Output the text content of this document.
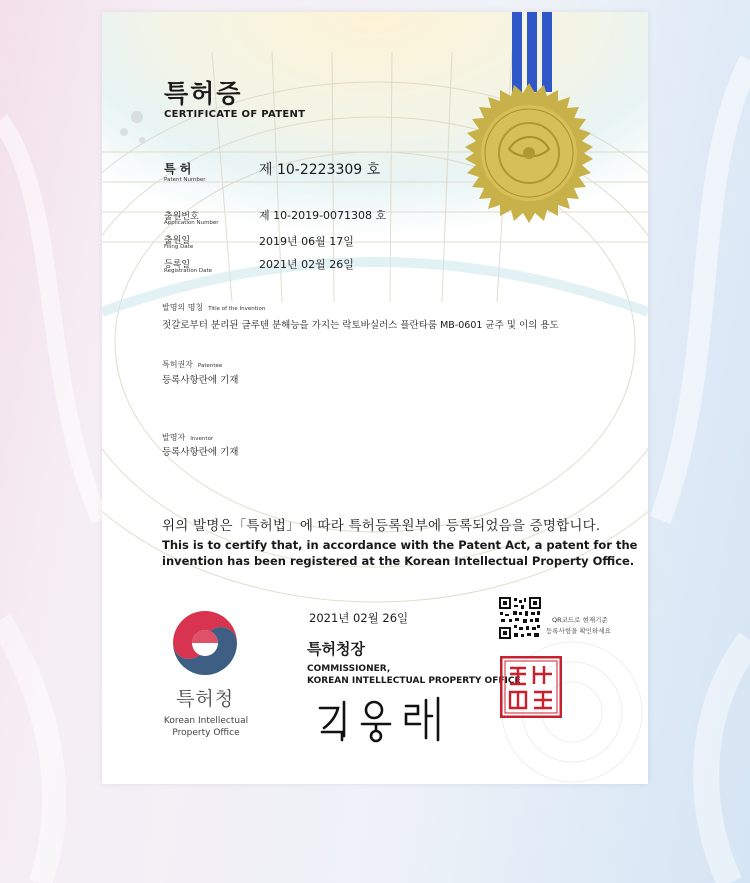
특허증
CERTIFICATE OF PATENT
특 허
Patent Number
제 10-2223309 호
출원번호
Application Number
제 10-2019-0071308 호
출원일
Filing Date	2019년 06월 17일
등록일
Registration Date	2021년 02월 26일
발명의 명칭 Title of the Invention
젓갈로부터 분리된 글루텐 분해능을 가지는 락토바실러스 플란타룸 MB-0601 균주 및 이의 용도
특허권자 Patentee
등록사항란에 기재
발명자 Inventor
등록사항란에 기재
위의 발명은「특허법」에 따라 특허등록원부에 등록되었음을 증명합니다.
This is to certify that, in accordance with the Patent Act, a patent for the
invention has been registered at the Korean Intellectual Property Office.
특허청
Korean Intellectual
Property Office
2021년 02월 26일
특허청장
COMMISSIONER,
KOREAN INTELLECTUAL PROPERTY OFFICE
QR코드로 현재기준
등록사항을 확인하세요
